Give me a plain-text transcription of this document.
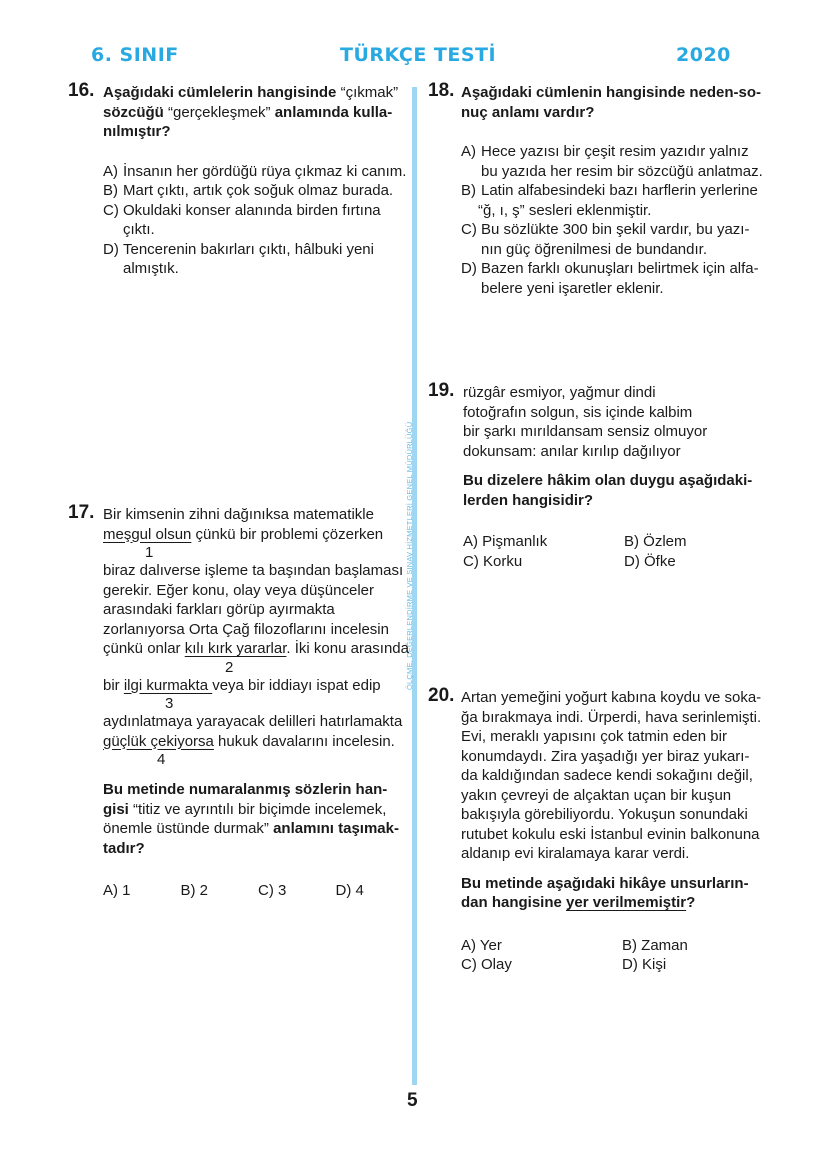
6. SINIF	TÜRKÇE TESTİ	2020
ÖLÇME, DEĞERLENDİRME VE SINAV HİZMETLERİ GENEL MÜDÜRLÜĞÜ
16. Aşağıdaki cümlelerin hangisinde “çıkmak”
sözcüğü “gerçekleşmek” anlamında kulla-
nılmıştır?
A) İnsanın her gördüğü rüya çıkmaz ki canım.
B) Mart çıktı, artık çok soğuk olmaz burada.
C) Okuldaki konser alanında birden fırtına
çıktı.
D) Tencerenin bakırları çıktı, hâlbuki yeni
almıştık.
17. Bir kimsenin zihni dağınıksa matematikle
meşgul olsun çünkü bir problemi çözerken
1
biraz dalıverse işleme ta başından başlaması
gerekir. Eğer konu, olay veya düşünceler
arasındaki farkları görüp ayırmakta
zorlanıyorsa Orta Çağ filozoflarını incelesin
çünkü onlar kılı kırk yararlar. İki konu arasında
2
bir ilgi kurmakta veya bir iddiayı ispat edip
3
aydınlatmaya yarayacak delilleri hatırlamakta
güçlük çekiyorsa hukuk davalarını incelesin.
4
Bu metinde numaralanmış sözlerin han-
gisi “titiz ve ayrıntılı bir biçimde incelemek,
önemle üstünde durmak” anlamını taşımak-
tadır?
A) 1	B) 2	C) 3	D) 4
18. Aşağıdaki cümlenin hangisinde neden-so-
nuç anlamı vardır?
A) Hece yazısı bir çeşit resim yazıdır yalnız
bu yazıda her resim bir sözcüğü anlatmaz.
B) Latin alfabesindeki bazı harflerin yerlerine
“ğ, ı, ş” sesleri eklenmiştir.
C) Bu sözlükte 300 bin şekil vardır, bu yazı-
nın güç öğrenilmesi de bundandır.
D) Bazen farklı okunuşları belirtmek için alfa-
belere yeni işaretler eklenir.
19. rüzgâr esmiyor, yağmur dindi
fotoğrafın solgun, sis içinde kalbim
bir şarkı mırıldansam sensiz olmuyor
dokunsam: anılar kırılıp dağılıyor
Bu dizelere hâkim olan duygu aşağıdaki-
lerden hangisidir?
A) Pişmanlık	B) Özlem
C) Korku	D) Öfke
20. Artan yemeğini yoğurt kabına koydu ve soka-
ğa bırakmaya indi. Ürperdi, hava serinlemişti.
Evi, meraklı yapısını çok tatmin eden bir
konumdaydı. Zira yaşadığı yer biraz yukarı-
da kaldığından sadece kendi sokağını değil,
yakın çevreyi de alçaktan uçan bir kuşun
bakışıyla görebiliyordu. Yokuşun sonundaki
rutubet kokulu eski İstanbul evinin balkonuna
aldanıp evi kiralamaya karar verdi.
Bu metinde aşağıdaki hikâye unsurların-
dan hangisine yer verilmemiştir?
A) Yer	B) Zaman
C) Olay	D) Kişi
5
